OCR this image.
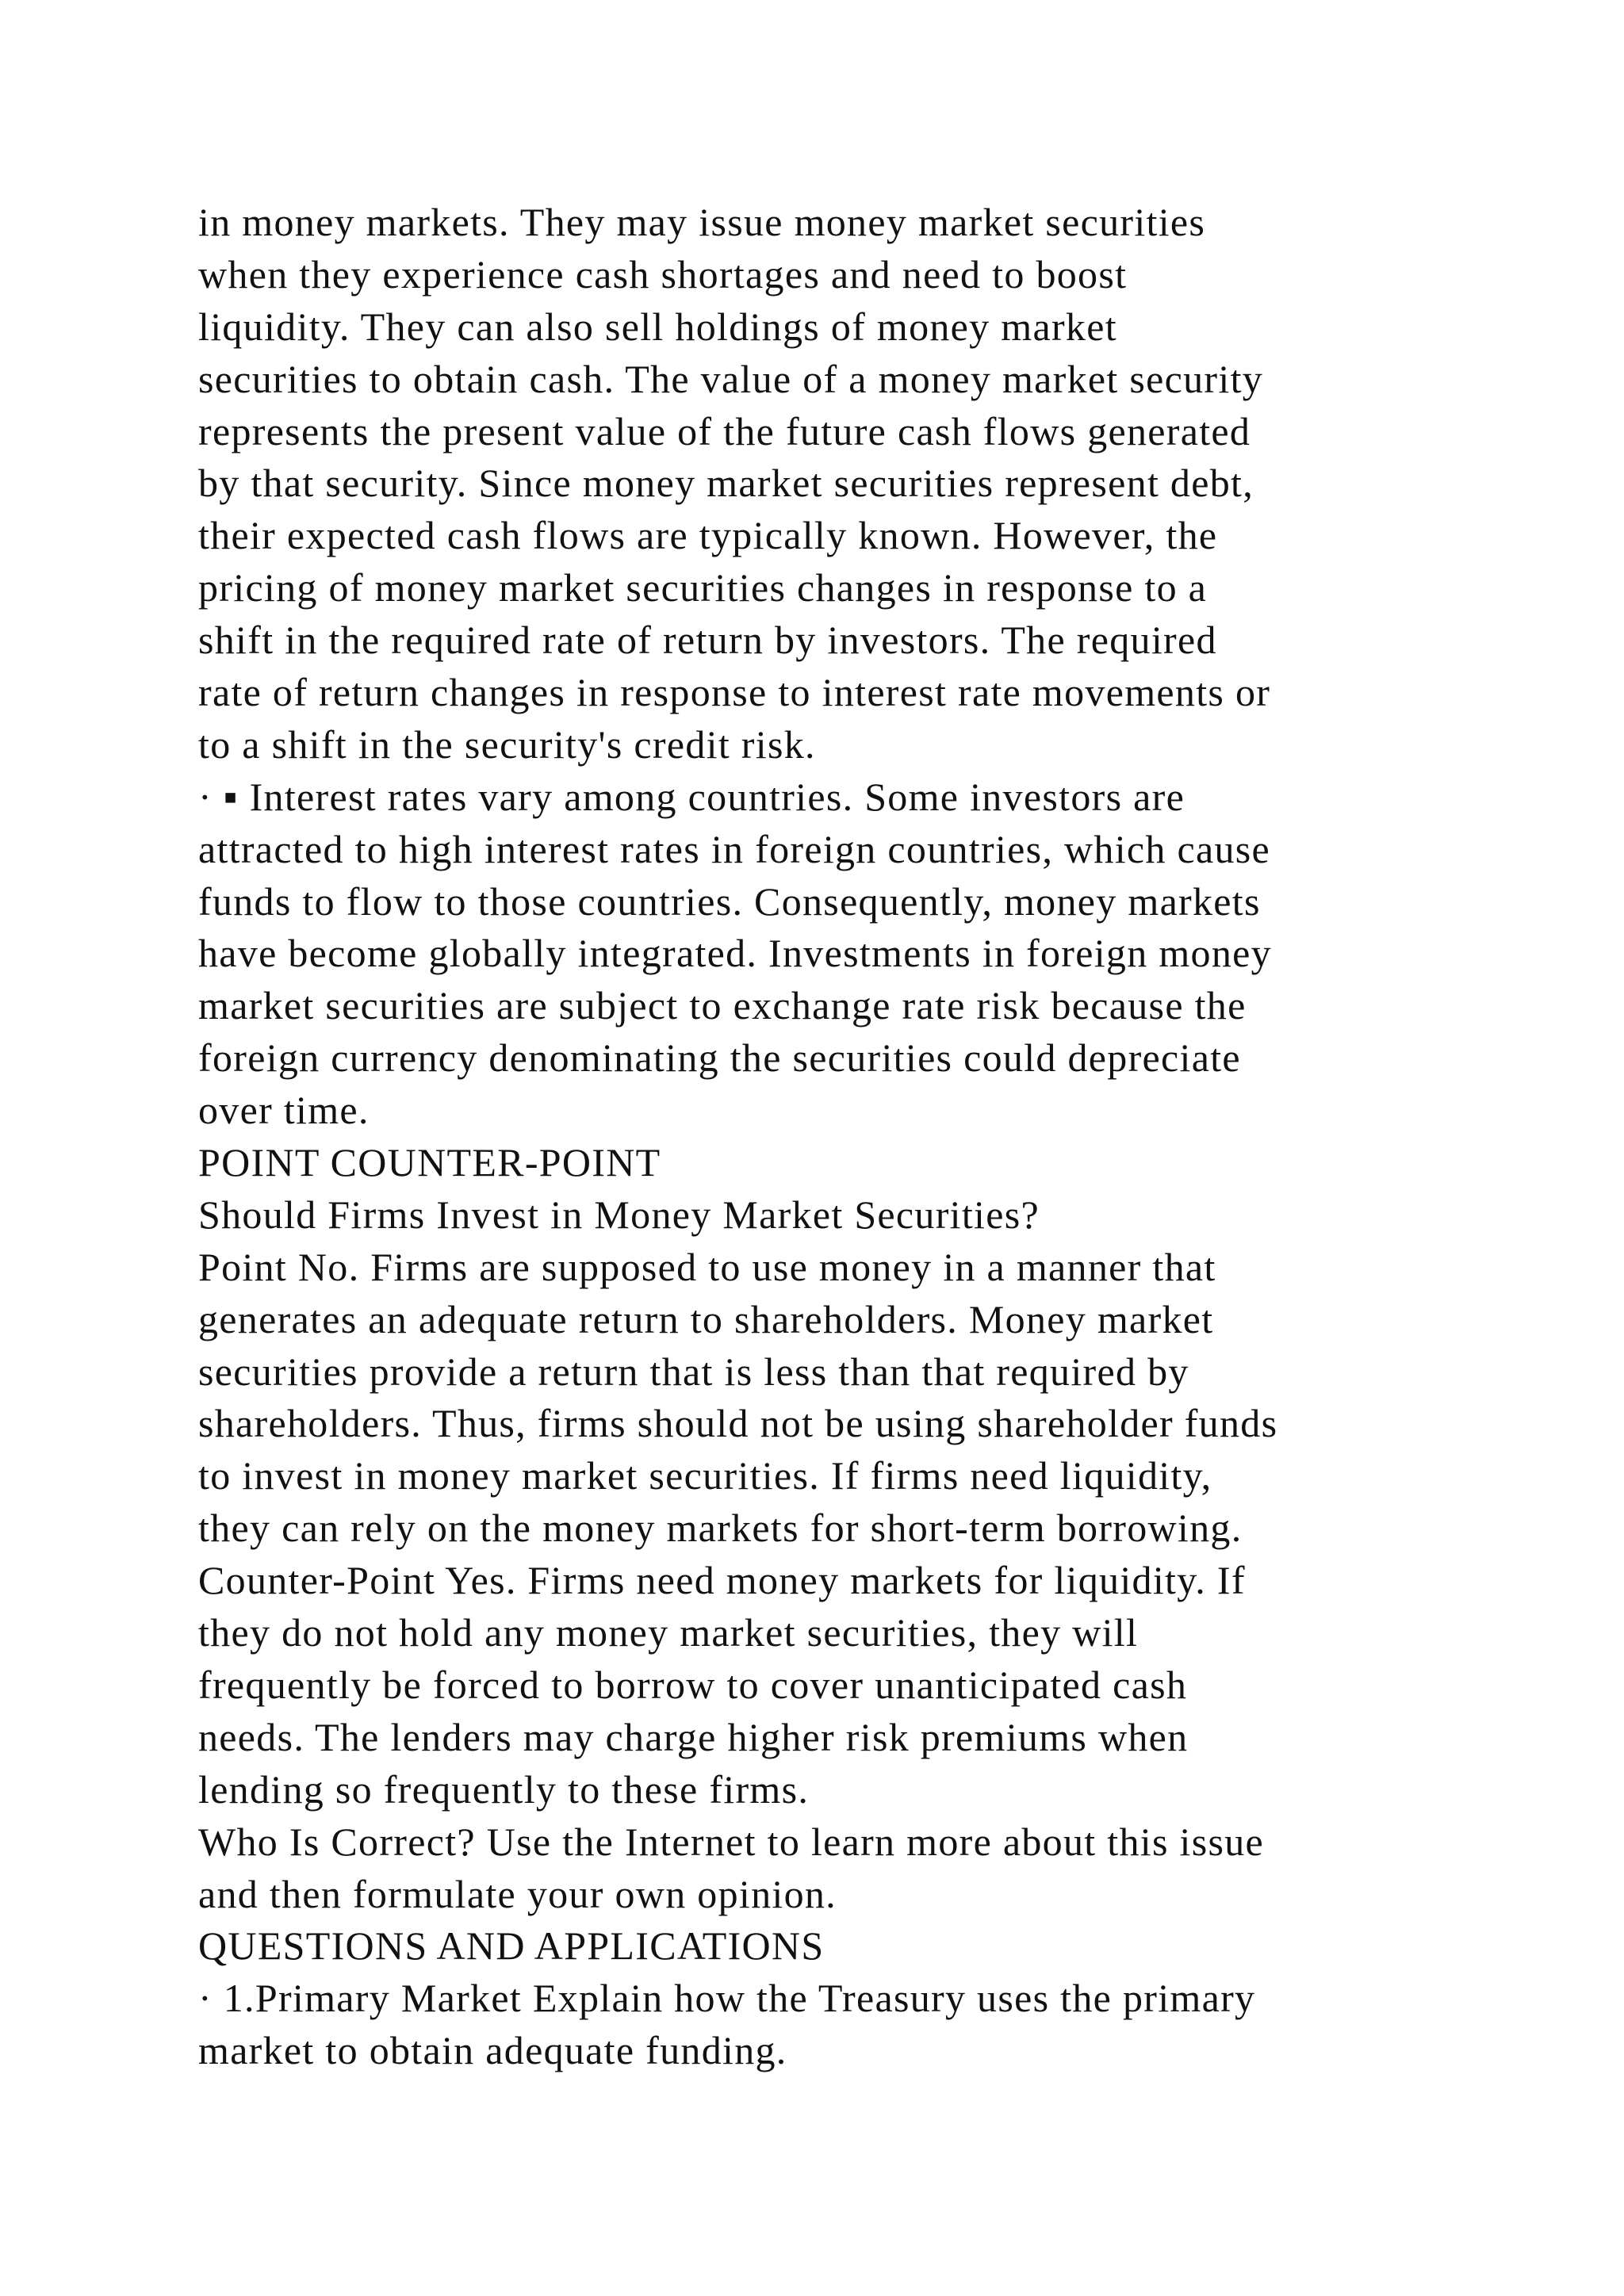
in money markets. They may issue money market securities
when they experience cash shortages and need to boost
liquidity. They can also sell holdings of money market
securities to obtain cash. The value of a money market security
represents the present value of the future cash flows generated
by that security. Since money market securities represent debt,
their expected cash flows are typically known. However, the
pricing of money market securities changes in response to a
shift in the required rate of return by investors. The required
rate of return changes in response to interest rate movements or
to a shift in the security's credit risk.
· ▪ Interest rates vary among countries. Some investors are
attracted to high interest rates in foreign countries, which cause
funds to flow to those countries. Consequently, money markets
have become globally integrated. Investments in foreign money
market securities are subject to exchange rate risk because the
foreign currency denominating the securities could depreciate
over time.
POINT COUNTER-POINT
Should Firms Invest in Money Market Securities?
Point No. Firms are supposed to use money in a manner that
generates an adequate return to shareholders. Money market
securities provide a return that is less than that required by
shareholders. Thus, firms should not be using shareholder funds
to invest in money market securities. If firms need liquidity,
they can rely on the money markets for short-term borrowing.
Counter-Point Yes. Firms need money markets for liquidity. If
they do not hold any money market securities, they will
frequently be forced to borrow to cover unanticipated cash
needs. The lenders may charge higher risk premiums when
lending so frequently to these firms.
Who Is Correct? Use the Internet to learn more about this issue
and then formulate your own opinion.
QUESTIONS AND APPLICATIONS
· 1.Primary Market Explain how the Treasury uses the primary
market to obtain adequate funding.
